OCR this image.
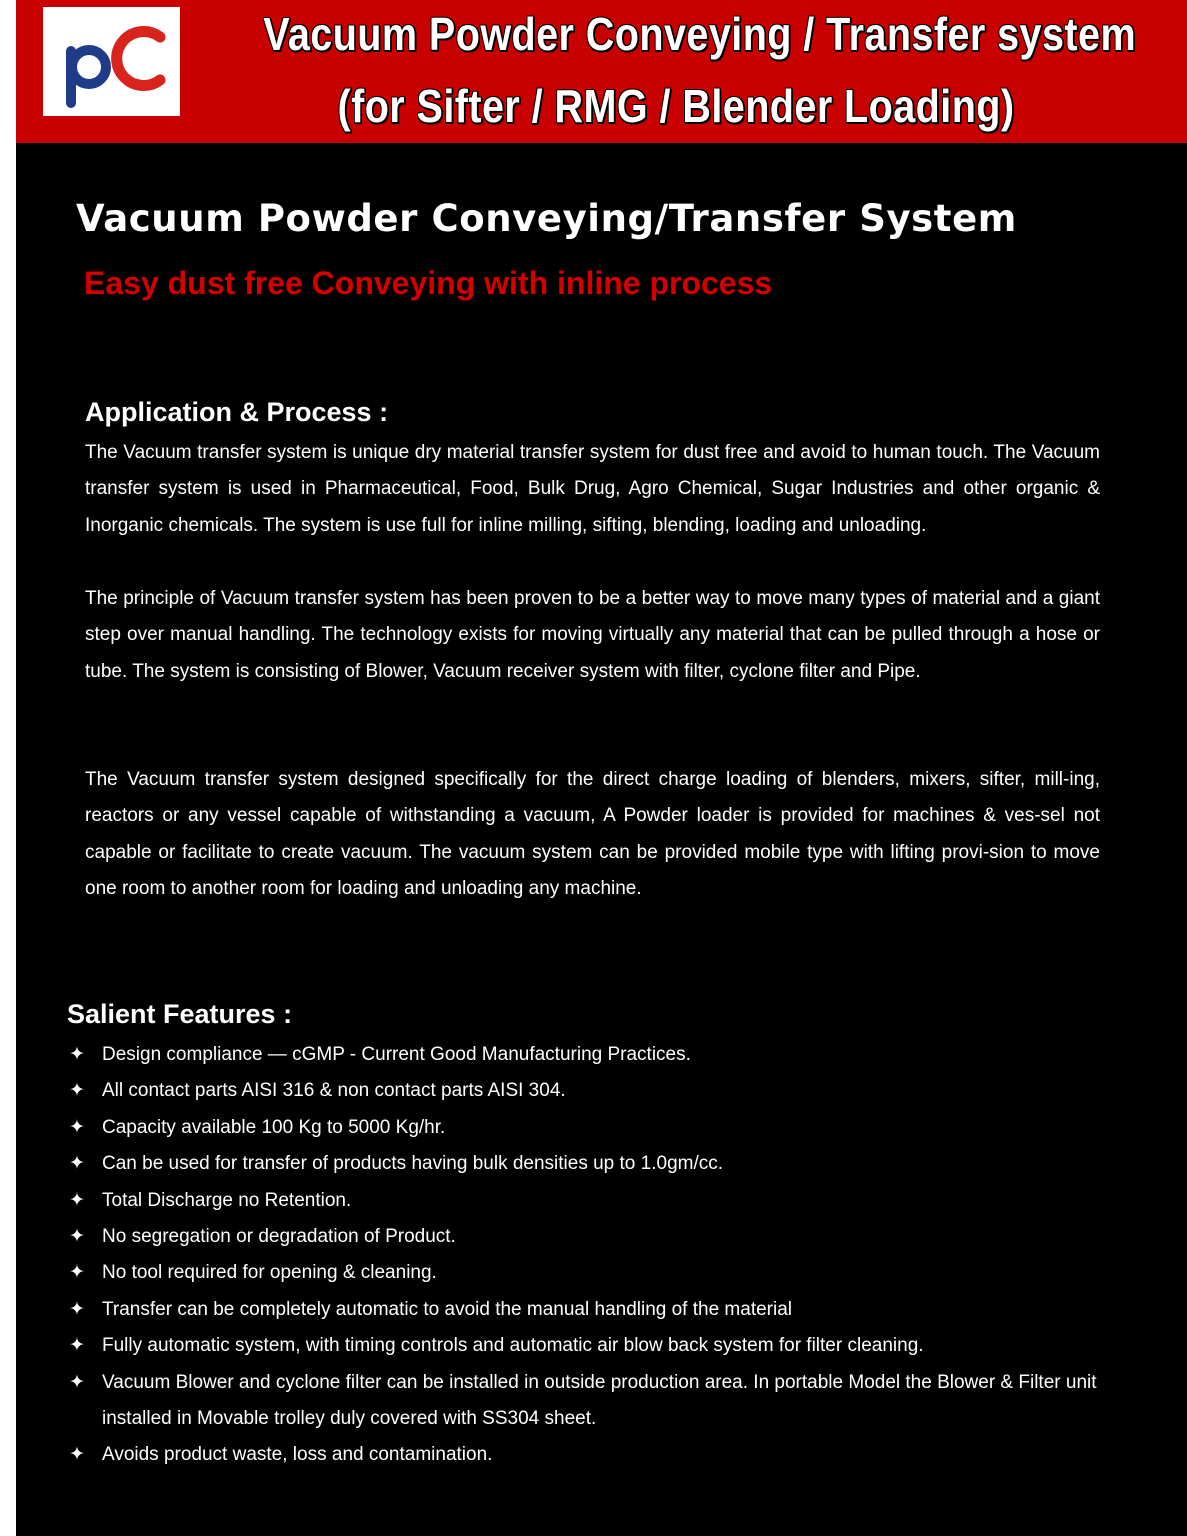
Vacuum Powder Conveying / Transfer system
(for Sifter / RMG / Blender Loading)
Vacuum Powder Conveying/Transfer System
Easy dust free Conveying with inline process
Application & Process :

The Vacuum transfer system is unique dry material transfer system for dust free and avoid to human touch. The Vacuum transfer system is used in Pharmaceutical, Food, Bulk Drug, Agro Chemical, Sugar Industries and other organic & Inorganic chemicals. The system is use full for inline milling, sifting, blending, loading and unloading.

The principle of Vacuum transfer system has been proven to be a better way to move many types of material and a giant step over manual handling. The technology exists for moving virtually any material that can be pulled through a hose or tube. The system is consisting of Blower, Vacuum receiver system with filter, cyclone filter and Pipe.

The Vacuum transfer system designed specifically for the direct charge loading of blenders, mixers, sifter, mill-ing, reactors or any vessel capable of withstanding a vacuum, A Powder loader is provided for machines & ves-sel not capable or facilitate to create vacuum. The vacuum system can be provided mobile type with lifting provi-sion to move one room to another room for loading and unloading any machine.

Salient Features :
✦ Design compliance — cGMP - Current Good Manufacturing Practices.
✦ All contact parts AISI 316 & non contact parts AISI 304.
✦ Capacity available 100 Kg to 5000 Kg/hr.
✦ Can be used for transfer of products having bulk densities up to 1.0gm/cc.
✦ Total Discharge no Retention.
✦ No segregation or degradation of Product.
✦ No tool required for opening & cleaning.
✦ Transfer can be completely automatic to avoid the manual handling of the material
✦ Fully automatic system, with timing controls and automatic air blow back system for filter cleaning.
✦ Vacuum Blower and cyclone filter can be installed in outside production area. In portable Model the Blower & Filter unit installed in Movable trolley duly covered with SS304 sheet.
✦ Avoids product waste, loss and contamination.
